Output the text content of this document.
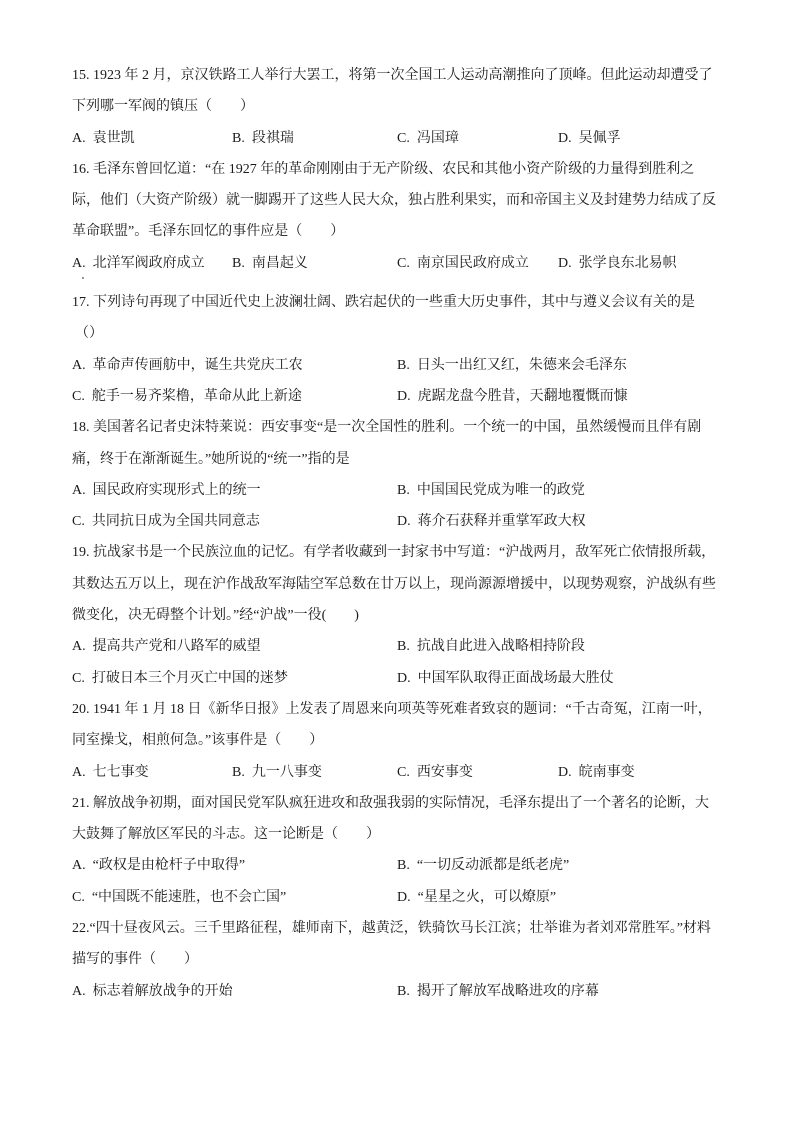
15. 1923 年 2 月，京汉铁路工人举行大罢工，将第一次全国工人运动高潮推向了顶峰。但此运动却遭受了
下列哪一军阀的镇压（　　）
A. 袁世凯	B. 段祺瑞	C. 冯国璋	D. 吴佩孚
16. 毛泽东曾回忆道：“在 1927 年的革命刚刚由于无产阶级、农民和其他小资产阶级的力量得到胜利之
际，他们（大资产阶级）就一脚踢开了这些人民大众，独占胜利果实，而和帝国主义及封建势力结成了反
革命联盟”。毛泽东回忆的事件应是（　　）
A. 北洋军阀政府成立 B. 南昌起义	C. 南京国民政府成立 D. 张学良东北易帜
17. 下列诗句再现了中国近代史上波澜壮阔、跌宕起伏的一些重大历史事件，其中与遵义会议有关的是
（）
A. 革命声传画舫中，诞生共党庆工农	B. 日头一出红又红，朱德来会毛泽东
C. 舵手一易齐桨橹，革命从此上新途	D. 虎踞龙盘今胜昔，天翻地覆慨而慷
18. 美国著名记者史沫特莱说：西安事变“是一次全国性的胜利。一个统一的中国，虽然缓慢而且伴有剧
痛，终于在渐渐诞生。”她所说的“统一”指的是
A. 国民政府实现形式上的统一	B. 中国国民党成为唯一的政党
C. 共同抗日成为全国共同意志	D. 蒋介石获释并重掌军政大权
19. 抗战家书是一个民族泣血的记忆。有学者收藏到一封家书中写道：“沪战两月，敌军死亡依情报所载，
其数达五万以上，现在沪作战敌军海陆空军总数在廿万以上，现尚源源增援中，以现势观察，沪战纵有些
微变化，决无碍整个计划。”经“沪战”一役(　　)
A. 提高共产党和八路军的威望	B. 抗战自此进入战略相持阶段
C. 打破日本三个月灭亡中国的迷梦	D. 中国军队取得正面战场最大胜仗
20. 1941 年 1 月 18 日《新华日报》上发表了周恩来向项英等死难者致哀的题词：“千古奇冤，江南一叶，
同室操戈，相煎何急。”该事件是（　　）
A. 七七事变	B. 九一八事变	C. 西安事变	D. 皖南事变
21. 解放战争初期，面对国民党军队疯狂进攻和敌强我弱的实际情况，毛泽东提出了一个著名的论断，大
大鼓舞了解放区军民的斗志。这一论断是（　　）
A. “政权是由枪杆子中取得”	B. “一切反动派都是纸老虎”
C. “中国既不能速胜，也不会亡国”	D. “星星之火，可以燎原”
22.“四十昼夜风云。三千里路征程，雄师南下，越黄泛，铁骑饮马长江滨；壮举谁为者刘邓常胜军。”材料
描写的事件（　　）
A. 标志着解放战争的开始	B. 揭开了解放军战略进攻的序幕
